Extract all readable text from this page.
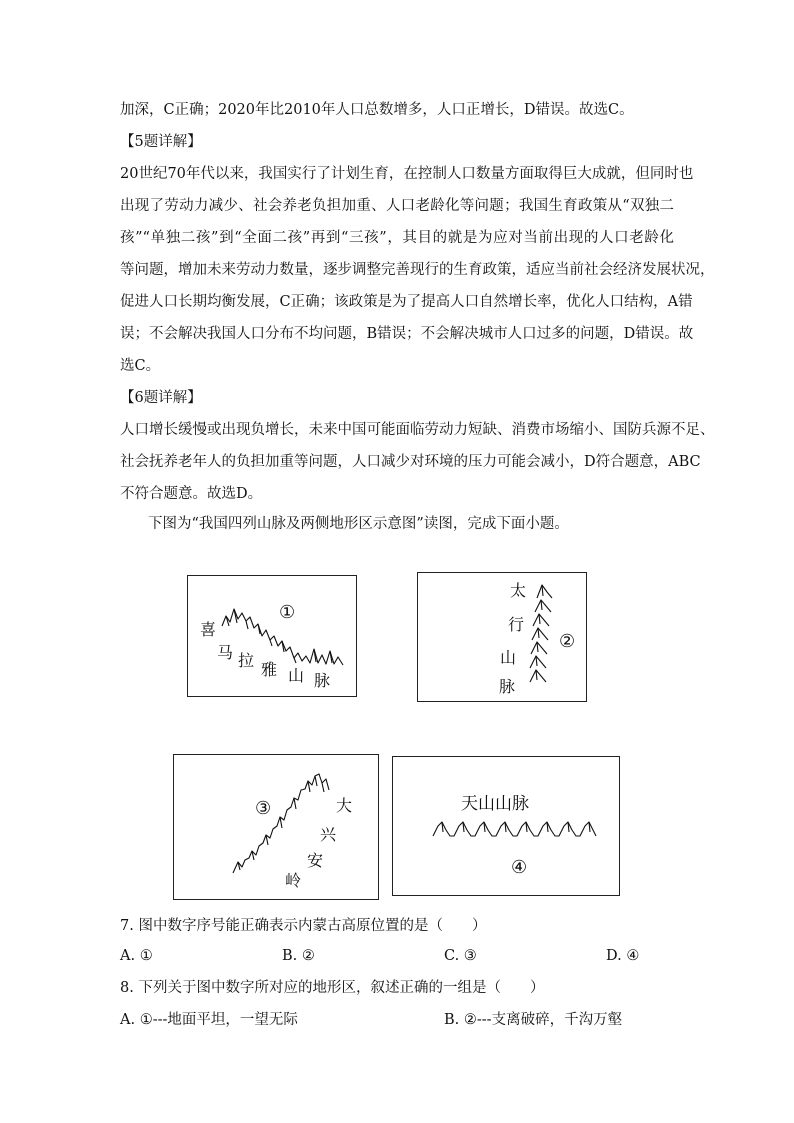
加深，C正确；2020年比2010年人口总数增多，人口正增长，D错误。故选C。
【5题详解】
20世纪70年代以来，我国实行了计划生育，在控制人口数量方面取得巨大成就，但同时也
出现了劳动力减少、社会养老负担加重、人口老龄化等问题；我国生育政策从“双独二
孩”“单独二孩”到“全面二孩”再到“三孩”，其目的就是为应对当前出现的人口老龄化
等问题，增加未来劳动力数量，逐步调整完善现行的生育政策，适应当前社会经济发展状况，
促进人口长期均衡发展，C正确；该政策是为了提高人口自然增长率，优化人口结构，A错
误；不会解决我国人口分布不均问题，B错误；不会解决城市人口过多的问题，D错误。故
选C。
【6题详解】
人口增长缓慢或出现负增长，未来中国可能面临劳动力短缺、消费市场缩小、国防兵源不足、
社会抚养老年人的负担加重等问题，人口减少对环境的压力可能会减小，D符合题意，ABC
不符合题意。故选D。
下图为“我国四列山脉及两侧地形区示意图”读图，完成下面小题。
喜
马 拉 雅 山 脉
①
太
行
山
脉
②
大
兴
安
岭
③	天山山脉
④
7. 图中数字序号能正确表示内蒙古高原位置的是（　　）
A. ①	B. ②	C. ③	D. ④
8. 下列关于图中数字所对应的地形区，叙述正确的一组是（　　）
A. ①---地面平坦，一望无际	B. ②---支离破碎，千沟万壑
